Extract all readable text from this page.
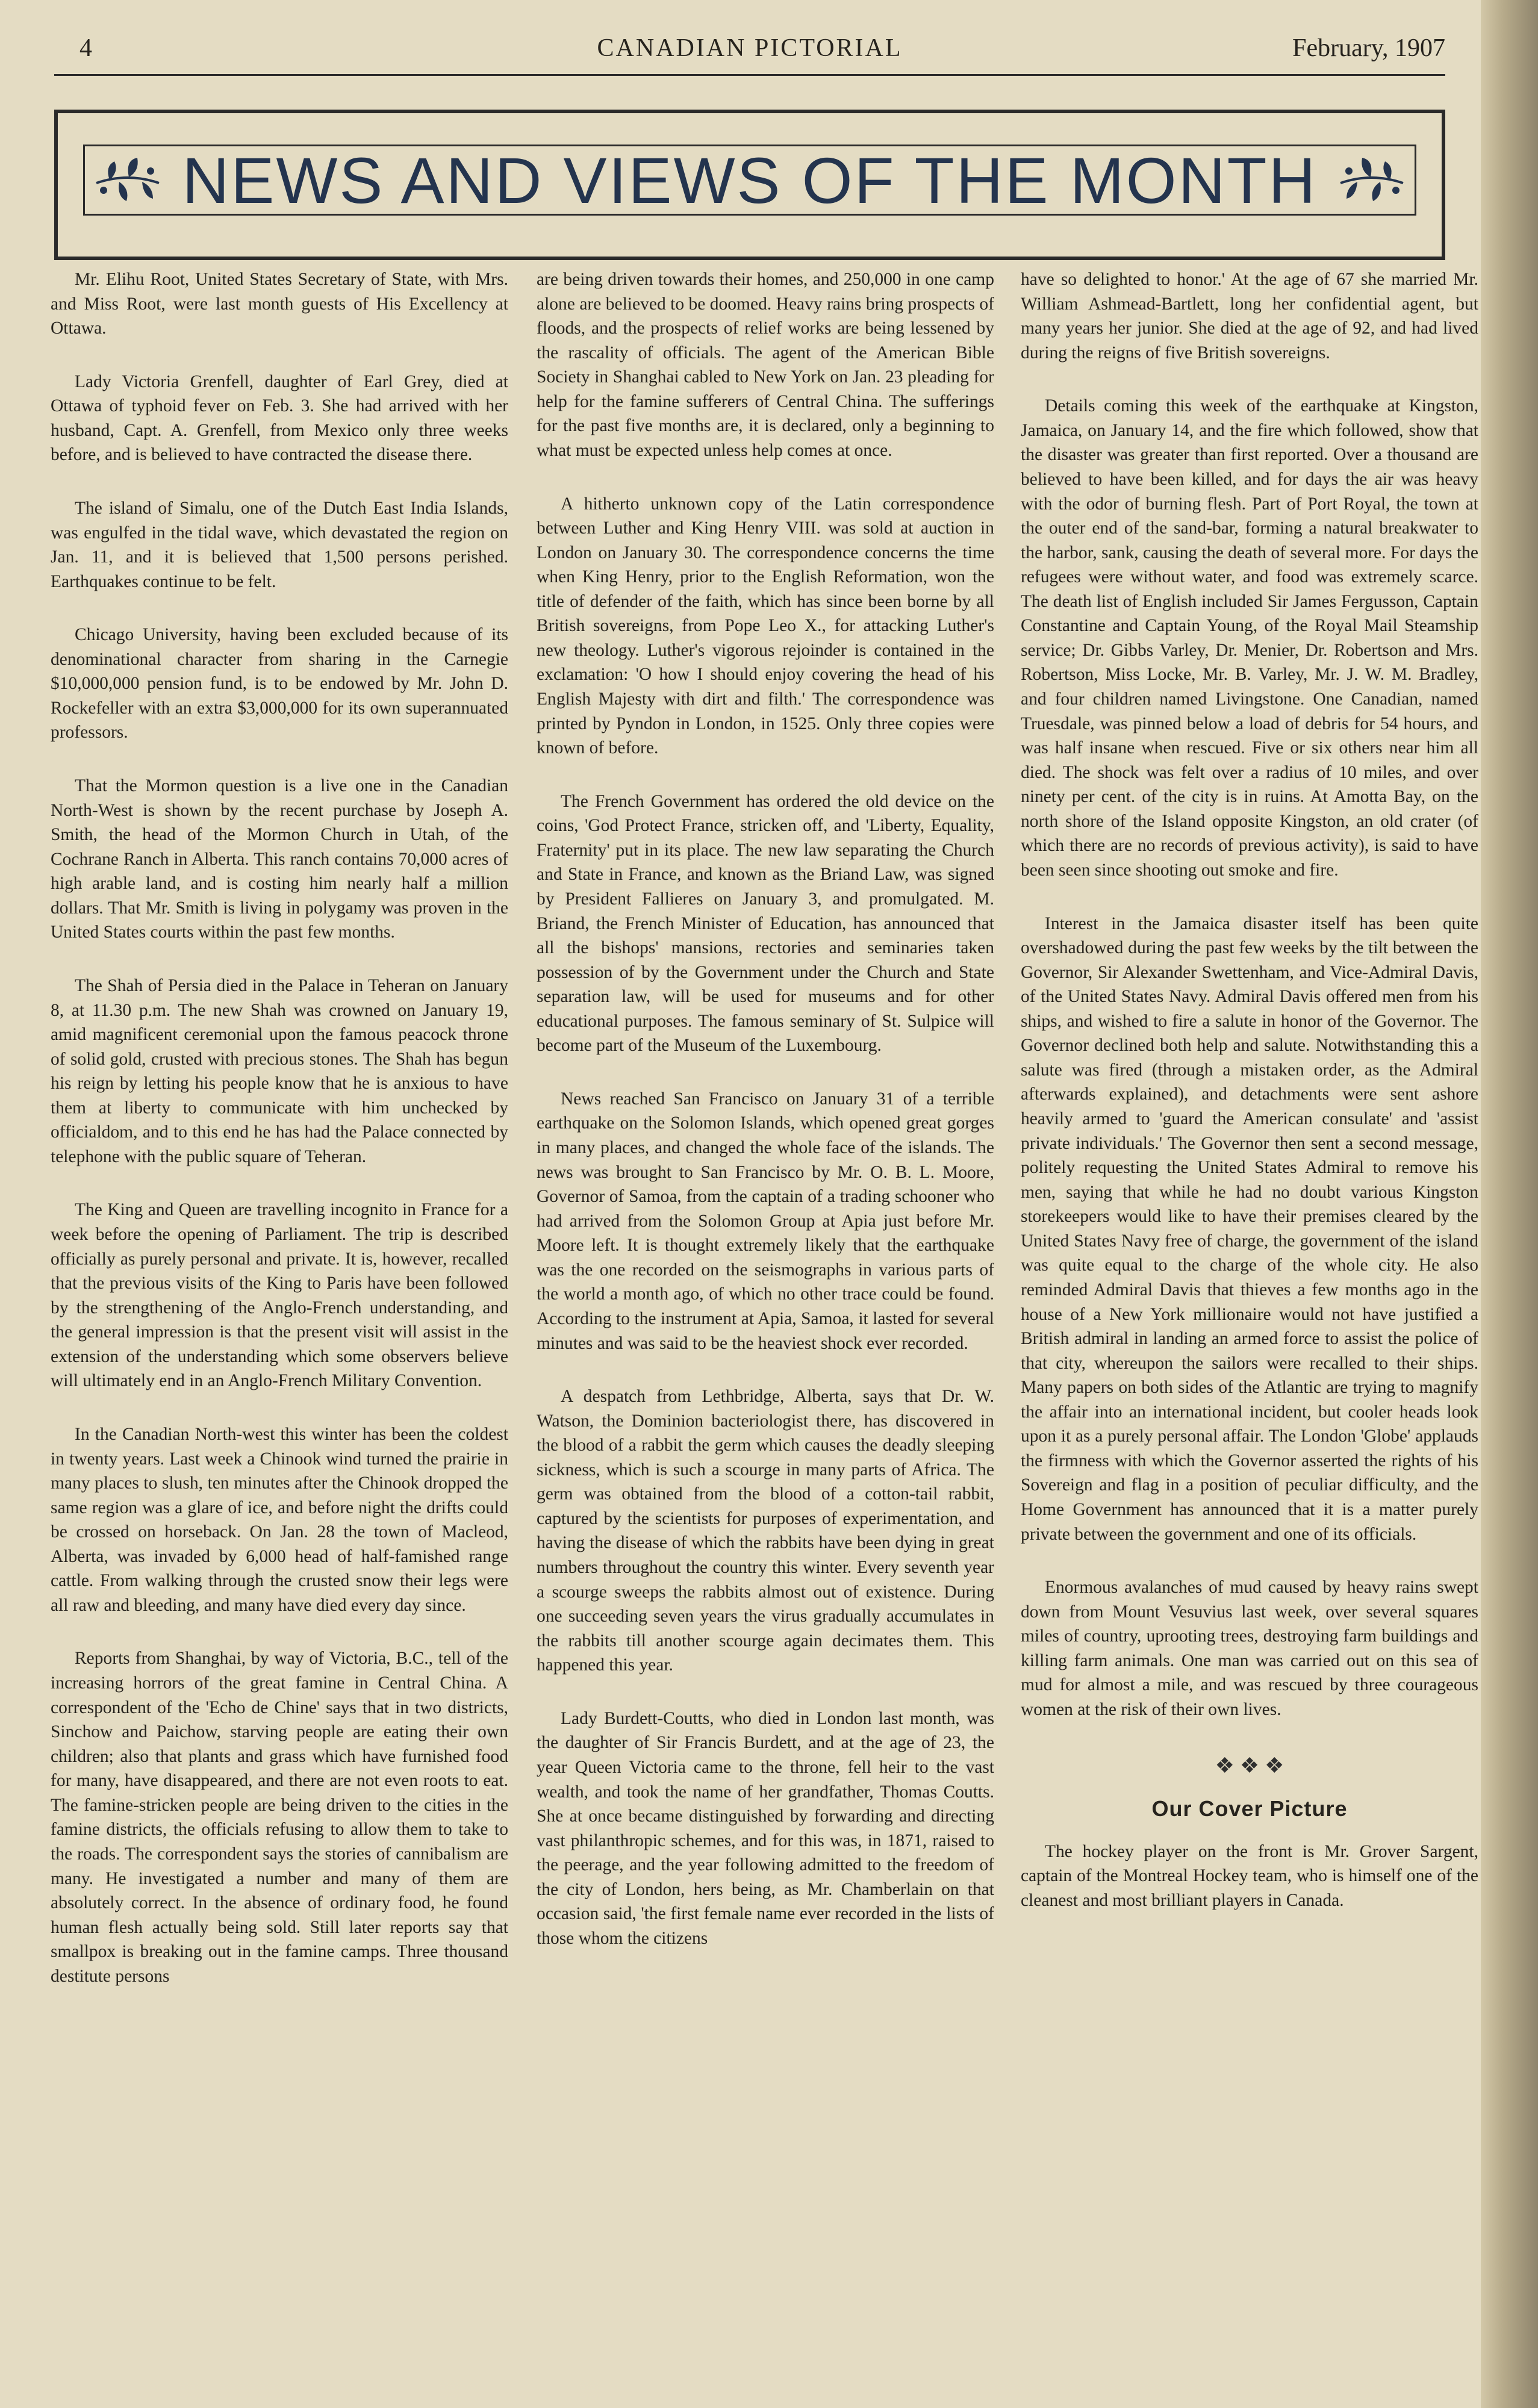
4	CANADIAN PICTORIAL	February, 1907
NEWS AND VIEWS OF THE MONTH

Mr. Elihu Root, United States Secretary of State, with Mrs. and Miss Root, were last month guests of His Excellency at Ottawa.

Lady Victoria Grenfell, daughter of Earl Grey, died at Ottawa of typhoid fever on Feb. 3. She had arrived with her husband, Capt. A. Grenfell, from Mexico only three weeks before, and is believed to have contracted the disease there.

The island of Simalu, one of the Dutch East India Islands, was engulfed in the tidal wave, which devastated the region on Jan. 11, and it is believed that 1,500 persons perished. Earthquakes continue to be felt.

Chicago University, having been excluded because of its denominational character from sharing in the Carnegie $10,000,000 pension fund, is to be endowed by Mr. John D. Rockefeller with an extra $3,000,000 for its own superannuated professors.

That the Mormon question is a live one in the Canadian North-West is shown by the recent purchase by Joseph A. Smith, the head of the Mormon Church in Utah, of the Cochrane Ranch in Alberta. This ranch contains 70,000 acres of high arable land, and is costing him nearly half a million dollars. That Mr. Smith is living in polygamy was proven in the United States courts within the past few months.

The Shah of Persia died in the Palace in Teheran on January 8, at 11.30 p.m. The new Shah was crowned on January 19, amid magnificent ceremonial upon the famous peacock throne of solid gold, crusted with precious stones. The Shah has begun his reign by letting his people know that he is anxious to have them at liberty to communicate with him unchecked by officialdom, and to this end he has had the Palace connected by telephone with the public square of Teheran.

The King and Queen are travelling incognito in France for a week before the opening of Parliament. The trip is described officially as purely personal and private. It is, however, recalled that the previous visits of the King to Paris have been followed by the strengthening of the Anglo-French understanding, and the general impression is that the present visit will assist in the extension of the understanding which some observers believe will ultimately end in an Anglo-French Military Convention.

In the Canadian North-west this winter has been the coldest in twenty years. Last week a Chinook wind turned the prairie in many places to slush, ten minutes after the Chinook dropped the same region was a glare of ice, and before night the drifts could be crossed on horseback. On Jan. 28 the town of Macleod, Alberta, was invaded by 6,000 head of half-famished range cattle. From walking through the crusted snow their legs were all raw and bleeding, and many have died every day since.

Reports from Shanghai, by way of Victoria, B.C., tell of the increasing horrors of the great famine in Central China. A correspondent of the 'Echo de Chine' says that in two districts, Sinchow and Paichow, starving people are eating their own children; also that plants and grass which have furnished food for many, have disappeared, and there are not even roots to eat. The famine-stricken people are being driven to the cities in the famine districts, the officials refusing to allow them to take to the roads. The correspondent says the stories of cannibalism are many. He investigated a number and many of them are absolutely correct. In the absence of ordinary food, he found human flesh actually being sold. Still later reports say that smallpox is breaking out in the famine camps. Three thousand destitute persons

are being driven towards their homes, and 250,000 in one camp alone are believed to be doomed. Heavy rains bring prospects of floods, and the prospects of relief works are being lessened by the rascality of officials. The agent of the American Bible Society in Shanghai cabled to New York on Jan. 23 pleading for help for the famine sufferers of Central China. The sufferings for the past five months are, it is declared, only a beginning to what must be expected unless help comes at once.

A hitherto unknown copy of the Latin correspondence between Luther and King Henry VIII. was sold at auction in London on January 30. The correspondence concerns the time when King Henry, prior to the English Reformation, won the title of defender of the faith, which has since been borne by all British sovereigns, from Pope Leo X., for attacking Luther's new theology. Luther's vigorous rejoinder is contained in the exclamation: 'O how I should enjoy covering the head of his English Majesty with dirt and filth.' The correspondence was printed by Pyndon in London, in 1525. Only three copies were known of before.

The French Government has ordered the old device on the coins, 'God Protect France, stricken off, and 'Liberty, Equality, Fraternity' put in its place. The new law separating the Church and State in France, and known as the Briand Law, was signed by President Fallieres on January 3, and promulgated. M. Briand, the French Minister of Education, has announced that all the bishops' mansions, rectories and seminaries taken possession of by the Government under the Church and State separation law, will be used for museums and for other educational purposes. The famous seminary of St. Sulpice will become part of the Museum of the Luxembourg.

News reached San Francisco on January 31 of a terrible earthquake on the Solomon Islands, which opened great gorges in many places, and changed the whole face of the islands. The news was brought to San Francisco by Mr. O. B. L. Moore, Governor of Samoa, from the captain of a trading schooner who had arrived from the Solomon Group at Apia just before Mr. Moore left. It is thought extremely likely that the earthquake was the one recorded on the seismographs in various parts of the world a month ago, of which no other trace could be found. According to the instrument at Apia, Samoa, it lasted for several minutes and was said to be the heaviest shock ever recorded.

A despatch from Lethbridge, Alberta, says that Dr. W. Watson, the Dominion bacteriologist there, has discovered in the blood of a rabbit the germ which causes the deadly sleeping sickness, which is such a scourge in many parts of Africa. The germ was obtained from the blood of a cotton-tail rabbit, captured by the scientists for purposes of experimentation, and having the disease of which the rabbits have been dying in great numbers throughout the country this winter. Every seventh year a scourge sweeps the rabbits almost out of existence. During one succeeding seven years the virus gradually accumulates in the rabbits till another scourge again decimates them. This happened this year.

Lady Burdett-Coutts, who died in London last month, was the daughter of Sir Francis Burdett, and at the age of 23, the year Queen Victoria came to the throne, fell heir to the vast wealth, and took the name of her grandfather, Thomas Coutts. She at once became distinguished by forwarding and directing vast philanthropic schemes, and for this was, in 1871, raised to the peerage, and the year following admitted to the freedom of the city of London, hers being, as Mr. Chamberlain on that occasion said, 'the first female name ever recorded in the lists of those whom the citizens

have so delighted to honor.' At the age of 67 she married Mr. William Ashmead-Bartlett, long her confidential agent, but many years her junior. She died at the age of 92, and had lived during the reigns of five British sovereigns.

Details coming this week of the earthquake at Kingston, Jamaica, on January 14, and the fire which followed, show that the disaster was greater than first reported. Over a thousand are believed to have been killed, and for days the air was heavy with the odor of burning flesh. Part of Port Royal, the town at the outer end of the sand-bar, forming a natural breakwater to the harbor, sank, causing the death of several more. For days the refugees were without water, and food was extremely scarce. The death list of English included Sir James Fergusson, Captain Constantine and Captain Young, of the Royal Mail Steamship service; Dr. Gibbs Varley, Dr. Menier, Dr. Robertson and Mrs. Robertson, Miss Locke, Mr. B. Varley, Mr. J. W. M. Bradley, and four children named Livingstone. One Canadian, named Truesdale, was pinned below a load of debris for 54 hours, and was half insane when rescued. Five or six others near him all died. The shock was felt over a radius of 10 miles, and over ninety per cent. of the city is in ruins. At Amotta Bay, on the north shore of the Island opposite Kingston, an old crater (of which there are no records of previous activity), is said to have been seen since shooting out smoke and fire.

Interest in the Jamaica disaster itself has been quite overshadowed during the past few weeks by the tilt between the Governor, Sir Alexander Swettenham, and Vice-Admiral Davis, of the United States Navy. Admiral Davis offered men from his ships, and wished to fire a salute in honor of the Governor. The Governor declined both help and salute. Notwithstanding this a salute was fired (through a mistaken order, as the Admiral afterwards explained), and detachments were sent ashore heavily armed to 'guard the American consulate' and 'assist private individuals.' The Governor then sent a second message, politely requesting the United States Admiral to remove his men, saying that while he had no doubt various Kingston storekeepers would like to have their premises cleared by the United States Navy free of charge, the government of the island was quite equal to the charge of the whole city. He also reminded Admiral Davis that thieves a few months ago in the house of a New York millionaire would not have justified a British admiral in landing an armed force to assist the police of that city, whereupon the sailors were recalled to their ships. Many papers on both sides of the Atlantic are trying to magnify the affair into an international incident, but cooler heads look upon it as a purely personal affair. The London 'Globe' applauds the firmness with which the Governor asserted the rights of his Sovereign and flag in a position of peculiar difficulty, and the Home Government has announced that it is a matter purely private between the government and one of its officials.

Enormous avalanches of mud caused by heavy rains swept down from Mount Vesuvius last week, over several squares miles of country, uprooting trees, destroying farm buildings and killing farm animals. One man was carried out on this sea of mud for almost a mile, and was rescued by three courageous women at the risk of their own lives.

❖ ❖ ❖
Our Cover Picture

The hockey player on the front is Mr. Grover Sargent, captain of the Montreal Hockey team, who is himself one of the cleanest and most brilliant players in Canada.
